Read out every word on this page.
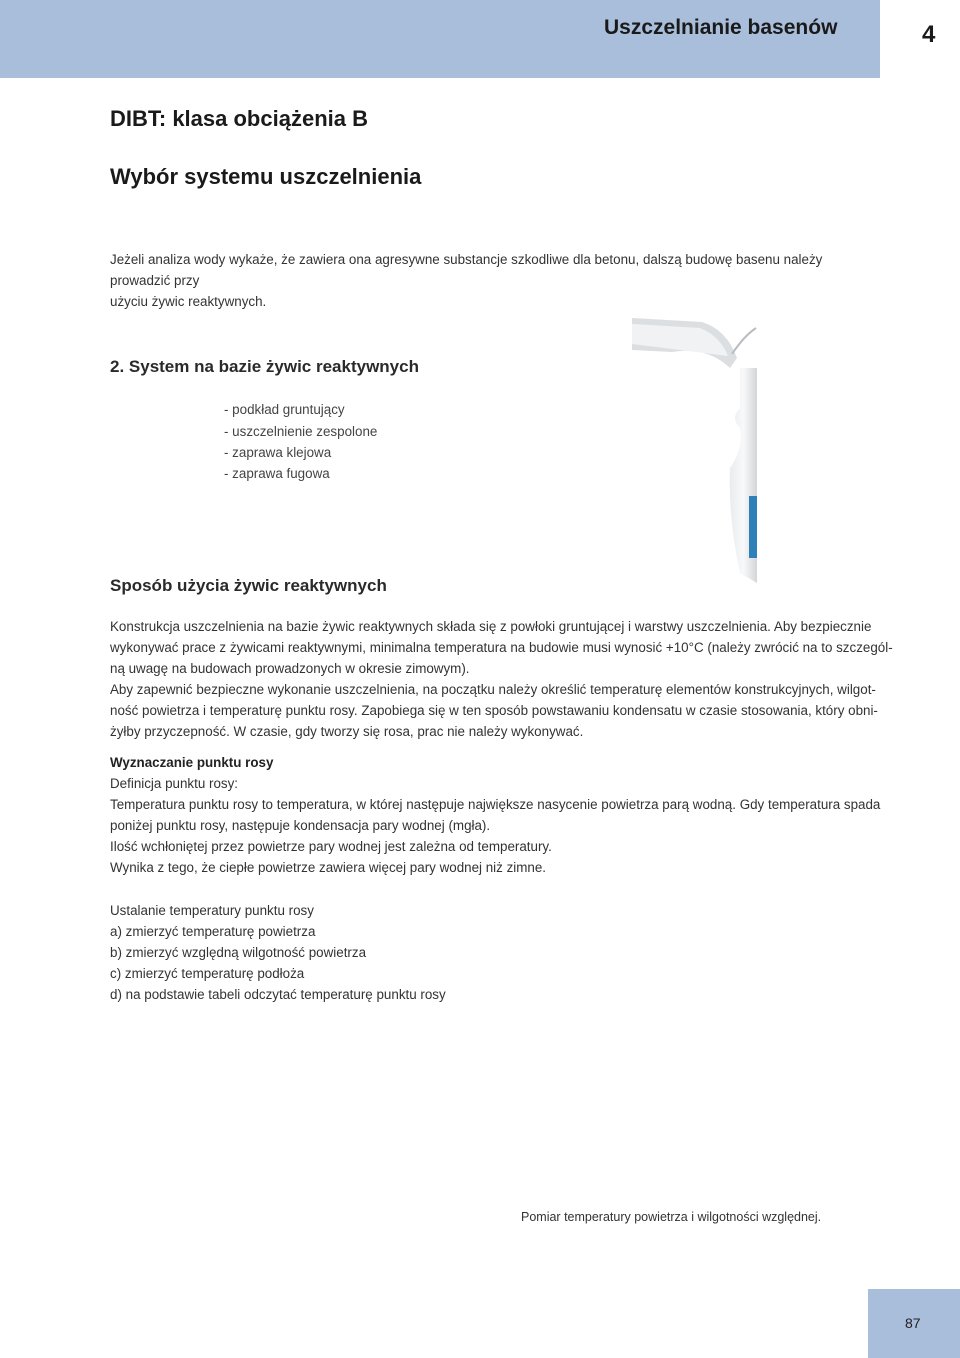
Uszczelnianie basenów	4
DIBT: klasa obciążenia B
Wybór systemu uszczelnienia
Jeżeli analiza wody wykaże, że zawiera ona agresywne substancje szkodliwe dla betonu, dalszą budowę basenu należy prowadzić przy
użyciu żywic reaktywnych.
2. System na bazie żywic reaktywnych
- podkład gruntujący
- uszczelnienie zespolone
- zaprawa klejowa
- zaprawa fugowa
Sposób użycia żywic reaktywnych
Konstrukcja uszczelnienia na bazie żywic reaktywnych składa się z powłoki gruntującej i warstwy uszczelnienia. Aby bezpiecznie
wykonywać prace z żywicami reaktywnymi, minimalna temperatura na budowie musi wynosić +10°C (należy zwrócić na to szczegól-
ną uwagę na budowach prowadzonych w okresie zimowym).
Aby zapewnić bezpieczne wykonanie uszczelnienia, na początku należy określić temperaturę elementów konstrukcyjnych, wilgot-
ność powietrza i temperaturę punktu rosy. Zapobiega się w ten sposób powstawaniu kondensatu w czasie stosowania, który obni-
żyłby przyczepność. W czasie, gdy tworzy się rosa, prac nie należy wykonywać.
Wyznaczanie punktu rosy
Definicja punktu rosy:
Temperatura punktu rosy to temperatura, w której następuje największe nasycenie powietrza parą wodną. Gdy temperatura spada
poniżej punktu rosy, następuje kondensacja pary wodnej (mgła).
Ilość wchłoniętej przez powietrze pary wodnej jest zależna od temperatury.
Wynika z tego, że ciepłe powietrze zawiera więcej pary wodnej niż zimne.
Ustalanie temperatury punktu rosy
a) zmierzyć temperaturę powietrza
b) zmierzyć względną wilgotność powietrza
c) zmierzyć temperaturę podłoża
d) na podstawie tabeli odczytać temperaturę punktu rosy
Pomiar temperatury powietrza i wilgotności względnej.
87
